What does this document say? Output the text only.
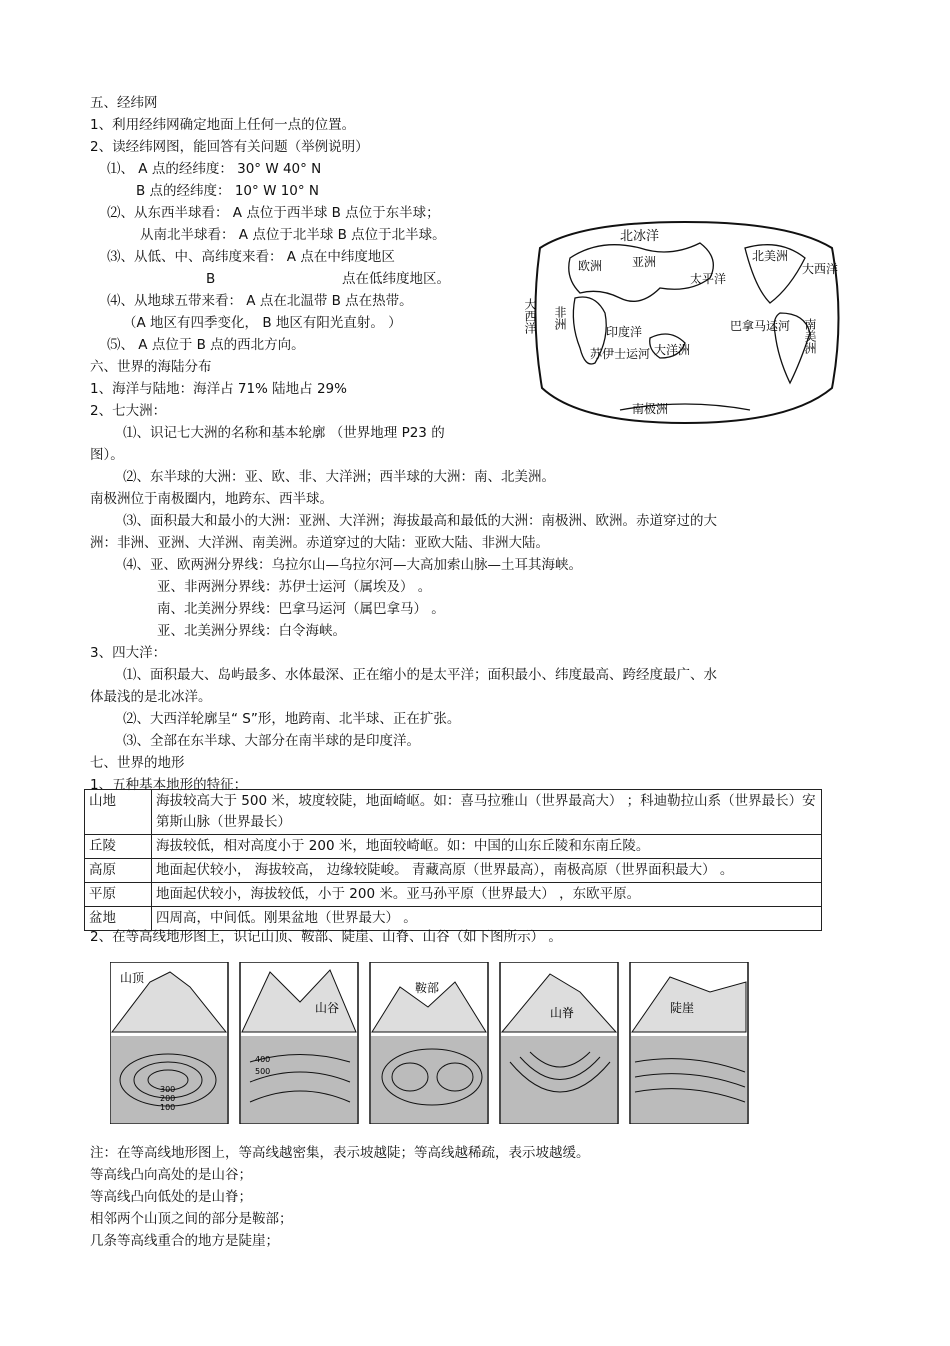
五、经纬网
1、利用经纬网确定地面上任何一点的位置。
2、读经纬网图，能回答有关问题（举例说明）
⑴、 A 点的经纬度： 30° W 40° N
B 点的经纬度： 10° W 10° N
⑵、从东西半球看： A 点位于西半球 B 点位于东半球；
从南北半球看： A 点位于北半球 B 点位于北半球。
⑶、从低、中、高纬度来看： A 点在中纬度地区
B	点在低纬度地区。
⑷、从地球五带来看： A 点在北温带 B 点在热带。
（A 地区有四季变化， B 地区有阳光直射。 ）
⑸、 A 点位于 B 点的西北方向。
六、世界的海陆分布
1、海洋与陆地：海洋占 71% 陆地占 29%
2、七大洲：
⑴、识记七大洲的名称和基本轮廓 （世界地理 P23 的
图）。
⑵、东半球的大洲：亚、欧、非、大洋洲；西半球的大洲：南、北美洲。
南极洲位于南极圈内，地跨东、西半球。
⑶、面积最大和最小的大洲：亚洲、大洋洲；海拔最高和最低的大洲：南极洲、欧洲。赤道穿过的大
洲：非洲、亚洲、大洋洲、南美洲。赤道穿过的大陆：亚欧大陆、非洲大陆。
⑷、亚、欧两洲分界线：乌拉尔山—乌拉尔河—大高加索山脉—土耳其海峡。
亚、非两洲分界线：苏伊士运河（属埃及） 。
南、北美洲分界线：巴拿马运河（属巴拿马） 。
亚、北美洲分界线：白令海峡。
3、四大洋：
⑴、面积最大、岛屿最多、水体最深、正在缩小的是太平洋；面积最小、纬度最高、跨经度最广、水
体最浅的是北冰洋。
⑵、大西洋轮廓呈“ S”形，地跨南、北半球、正在扩张。
⑶、全部在东半球、大部分在南半球的是印度洋。
七、世界的地形
1、五种基本地形的特征：
山地	海拔较高大于 500 米，坡度较陡，地面崎岖。如：喜马拉雅山（世界最高大） ；科迪勒拉山系（世界最长）安第斯山脉（世界最长）
丘陵	海拔较低，相对高度小于 200 米，地面较崎岖。如：中国的山东丘陵和东南丘陵。
高原	地面起伏较小， 海拔较高， 边缘较陡峻。 青藏高原（世界最高），南极高原（世界面积最大） 。
平原	地面起伏较小，海拔较低，小于 200 米。亚马孙平原（世界最大） ，东欧平原。
盆地	四周高，中间低。刚果盆地（世界最大） 。
2、在等高线地形图上，识记山顶、鞍部、陡崖、山脊、山谷（如下图所示） 。
北冰洋
欧洲 亚洲
太平洋
北美洲
大西洋
大西洋 非洲
印度洋
大洋洲	南美洲
巴拿马运河
苏伊士运河
南极洲
山顶
300
200
100
山谷
400
500
鞍部
山脊	陡崖
注：在等高线地形图上，等高线越密集，表示坡越陡；等高线越稀疏，表示坡越缓。
等高线凸向高处的是山谷；
等高线凸向低处的是山脊；
相邻两个山顶之间的部分是鞍部；
几条等高线重合的地方是陡崖；
